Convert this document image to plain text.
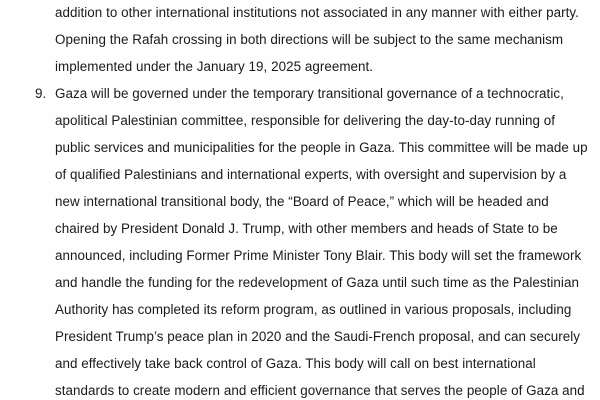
addition to other international institutions not associated in any manner with either party.
Opening the Rafah crossing in both directions will be subject to the same mechanism
implemented under the January 19, 2025 agreement.
9. Gaza will be governed under the temporary transitional governance of a technocratic,
apolitical Palestinian committee, responsible for delivering the day-to-day running of
public services and municipalities for the people in Gaza. This committee will be made up
of qualified Palestinians and international experts, with oversight and supervision by a
new international transitional body, the “Board of Peace,” which will be headed and
chaired by President Donald J. Trump, with other members and heads of State to be
announced, including Former Prime Minister Tony Blair. This body will set the framework
and handle the funding for the redevelopment of Gaza until such time as the Palestinian
Authority has completed its reform program, as outlined in various proposals, including
President Trump’s peace plan in 2020 and the Saudi-French proposal, and can securely
and effectively take back control of Gaza. This body will call on best international
standards to create modern and efficient governance that serves the people of Gaza and
